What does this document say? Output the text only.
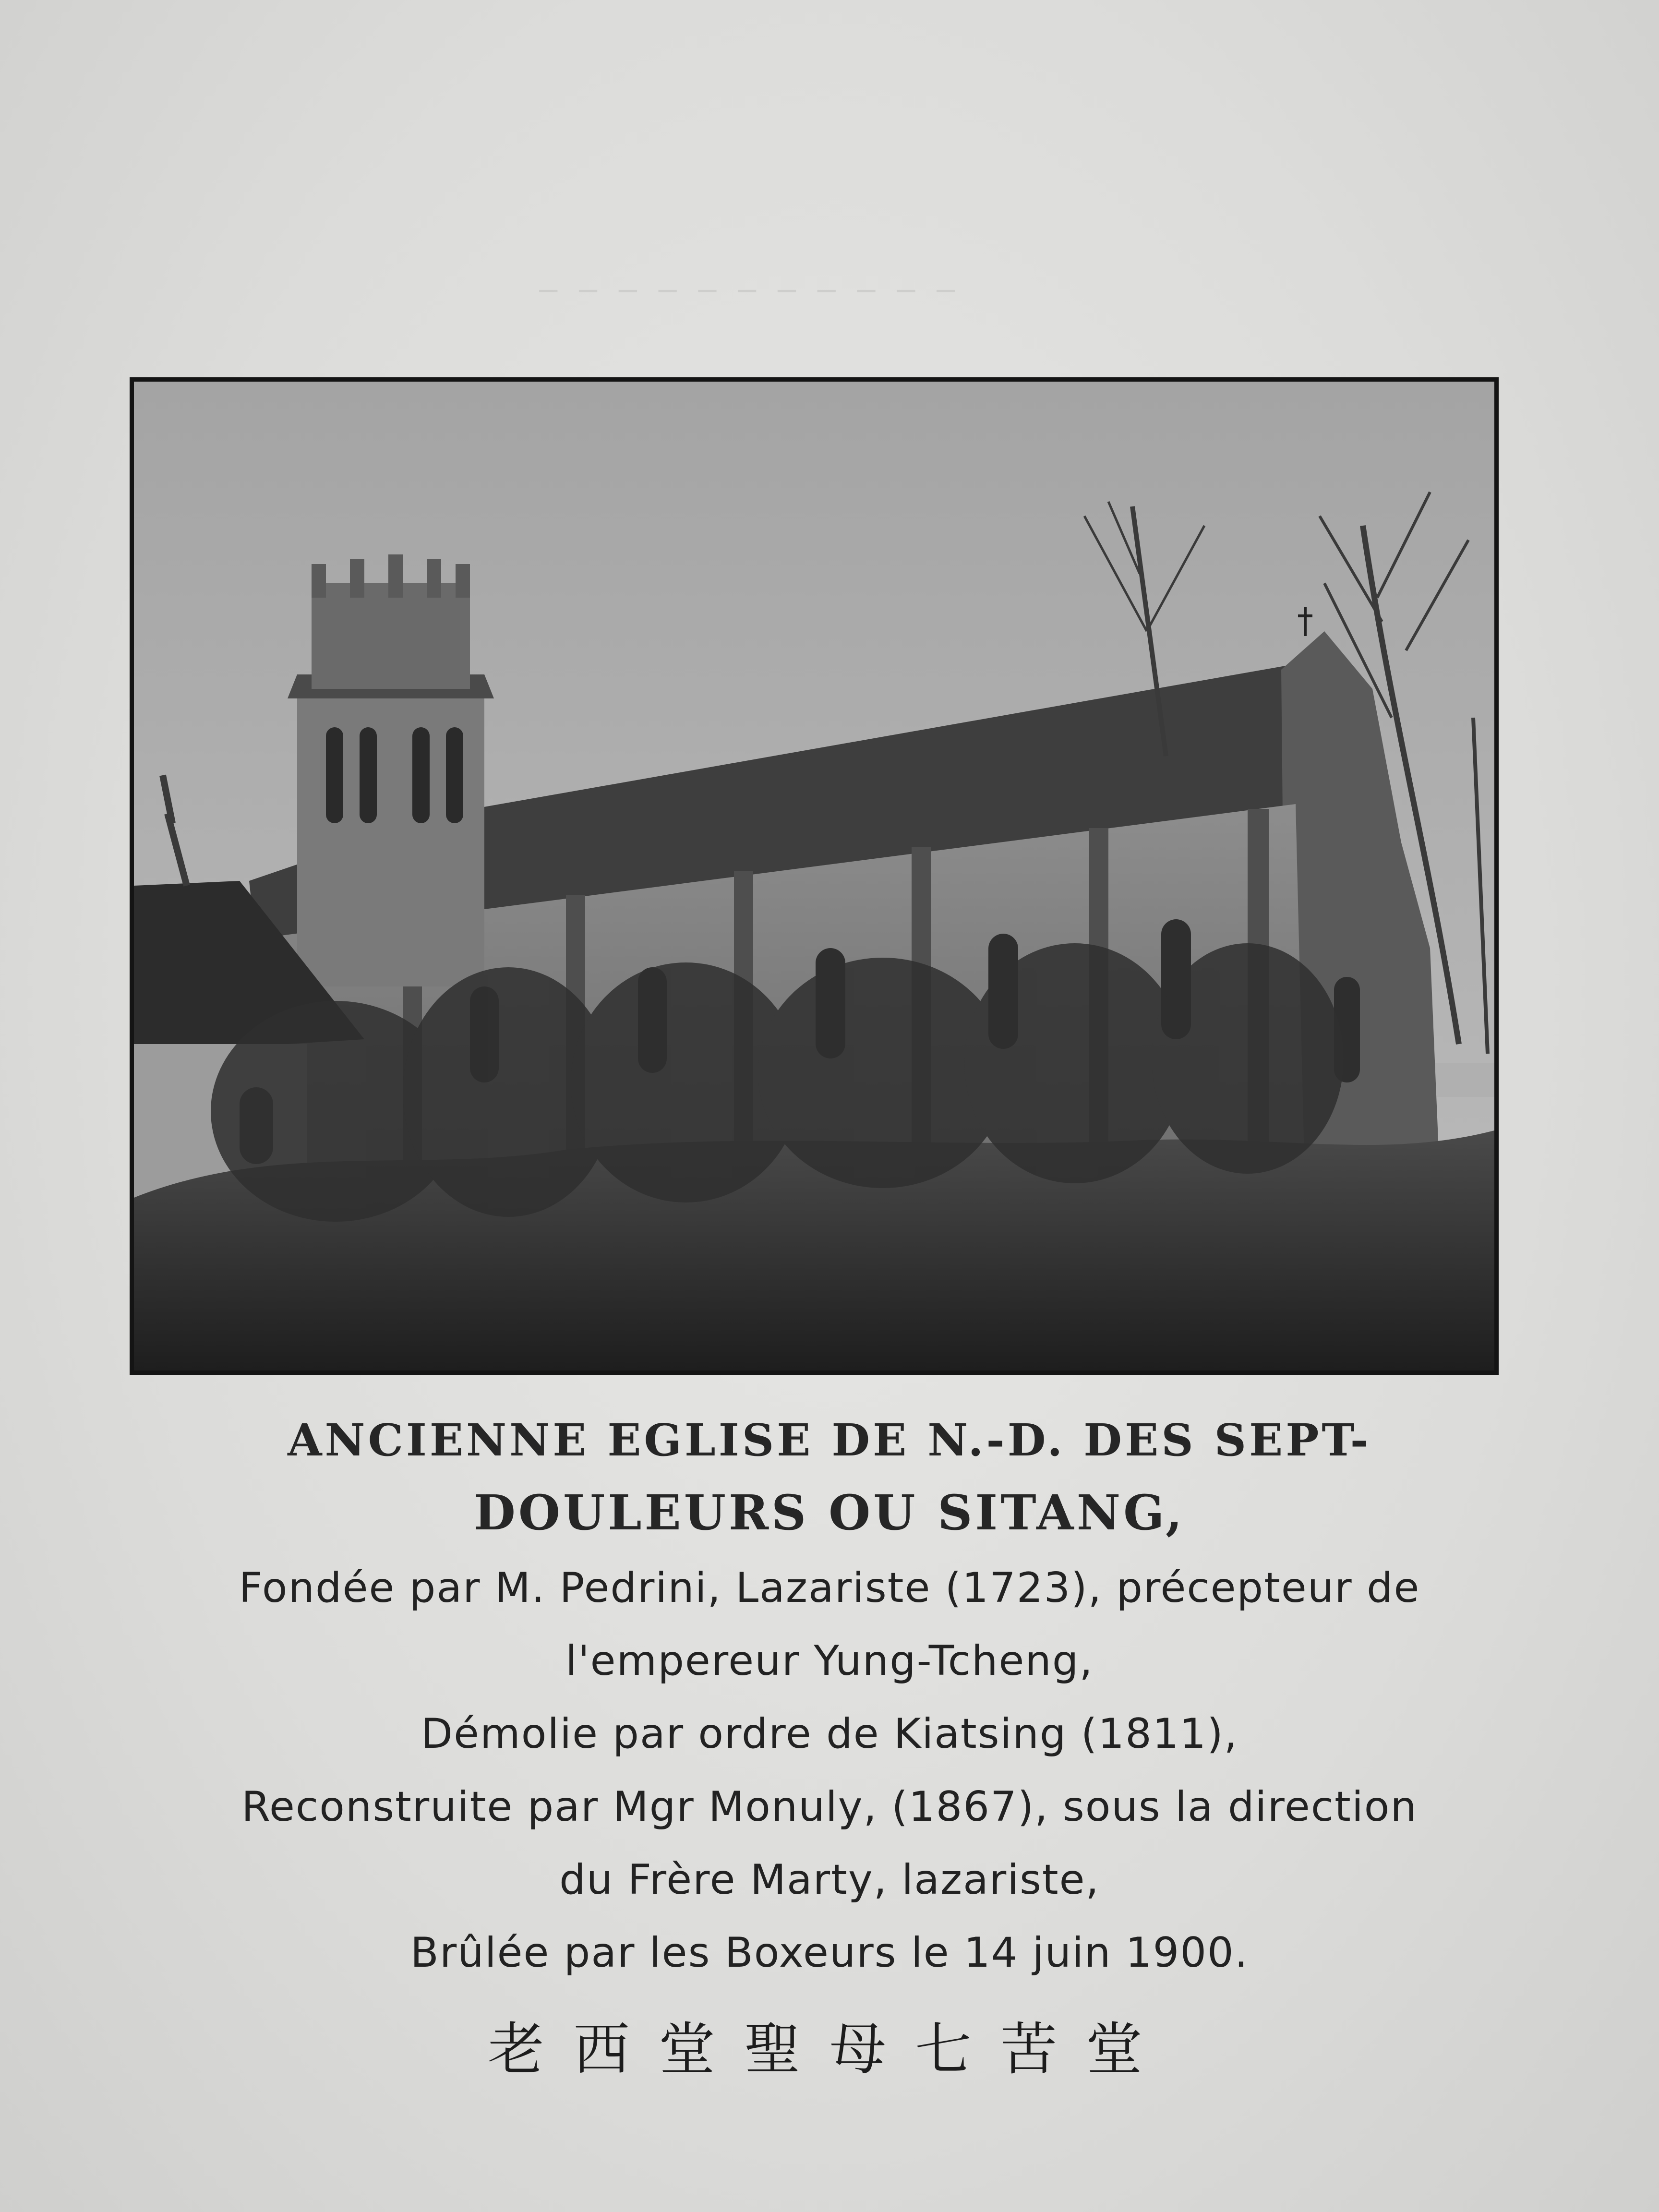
‒ ‒ ‒ ‒ ‒ ‒ ‒ ‒ ‒ ‒ ‒
ANCIENNE EGLISE DE N.-D. DES SEPT-
DOULEURS OU SITANG,
Fondée par M. Pedrini, Lazariste (1723), précepteur de
l'empereur Yung-Tcheng,
Démolie par ordre de Kiatsing (1811),
Reconstruite par Mgr Monuly, (1867), sous la direction
du Frère Marty, lazariste,
Brûlée par les Boxeurs le 14 juin 1900.
老西堂聖母七苦堂
